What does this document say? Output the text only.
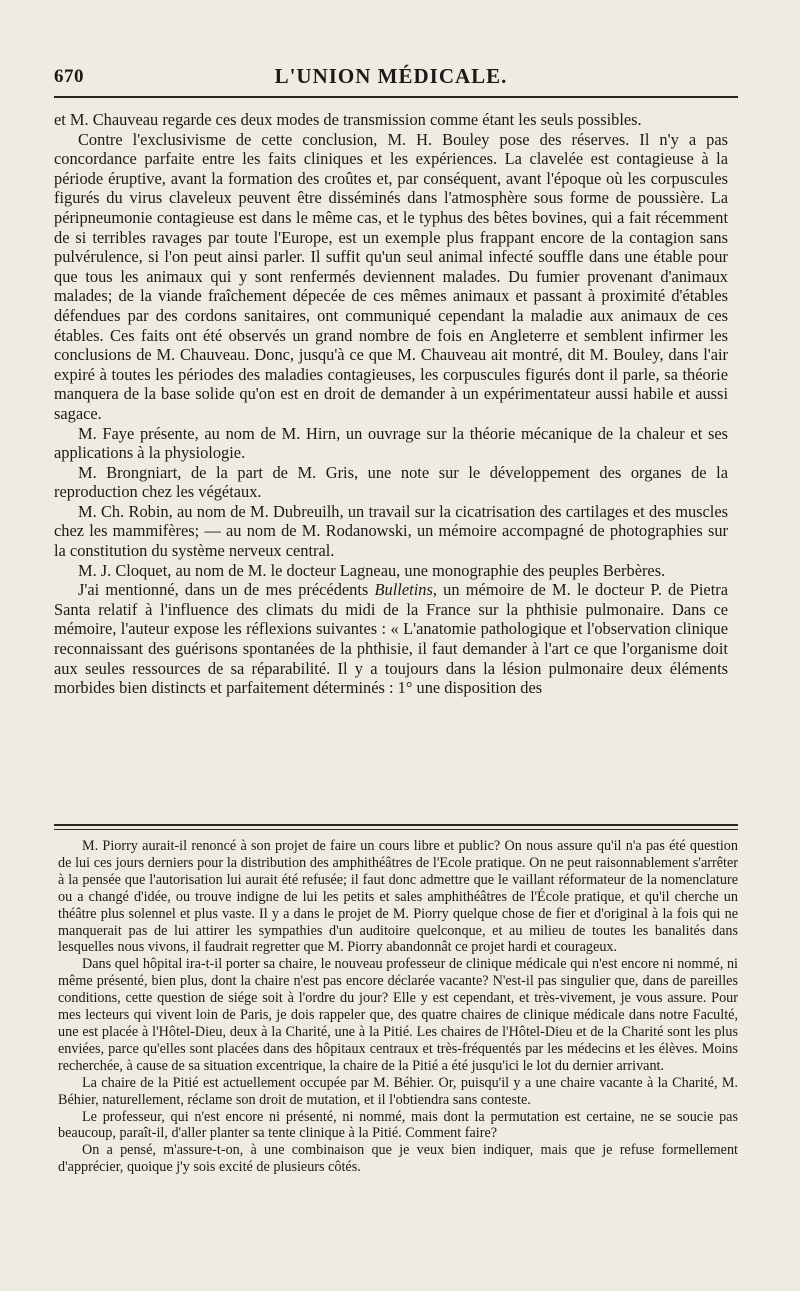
670	L'UNION MÉDICALE.

et M. Chauveau regarde ces deux modes de transmission comme étant les seuls possibles.

Contre l'exclusivisme de cette conclusion, M. H. Bouley pose des réserves. Il n'y a pas concordance parfaite entre les faits cliniques et les expériences. La clavelée est contagieuse à la période éruptive, avant la formation des croûtes et, par conséquent, avant l'époque où les corpuscules figurés du virus claveleux peuvent être disséminés dans l'atmosphère sous forme de poussière. La péripneumonie contagieuse est dans le même cas, et le typhus des bêtes bovines, qui a fait récemment de si terribles ravages par toute l'Europe, est un exemple plus frappant encore de la contagion sans pulvérulence, si l'on peut ainsi parler. Il suffit qu'un seul animal infecté souffle dans une étable pour que tous les animaux qui y sont renfermés deviennent malades. Du fumier provenant d'animaux malades; de la viande fraîchement dépecée de ces mêmes animaux et passant à proximité d'étables défendues par des cordons sanitaires, ont communiqué cependant la maladie aux animaux de ces étables. Ces faits ont été observés un grand nombre de fois en Angleterre et semblent infirmer les conclusions de M. Chauveau. Donc, jusqu'à ce que M. Chauveau ait montré, dit M. Bouley, dans l'air expiré à toutes les périodes des maladies contagieuses, les corpuscules figurés dont il parle, sa théorie manquera de la base solide qu'on est en droit de demander à un expérimentateur aussi habile et aussi sagace.

M. Faye présente, au nom de M. Hirn, un ouvrage sur la théorie mécanique de la chaleur et ses applications à la physiologie.

M. Brongniart, de la part de M. Gris, une note sur le développement des organes de la reproduction chez les végétaux.

M. Ch. Robin, au nom de M. Dubreuilh, un travail sur la cicatrisation des cartilages et des muscles chez les mammifères; — au nom de M. Rodanowski, un mémoire accompagné de photographies sur la constitution du système nerveux central.

M. J. Cloquet, au nom de M. le docteur Lagneau, une monographie des peuples Berbères.

J'ai mentionné, dans un de mes précédents Bulletins, un mémoire de M. le docteur P. de Pietra Santa relatif à l'influence des climats du midi de la France sur la phthisie pulmonaire. Dans ce mémoire, l'auteur expose les réflexions suivantes : « L'anatomie pathologique et l'observation clinique reconnaissant des guérisons spontanées de la phthisie, il faut demander à l'art ce que l'organisme doit aux seules ressources de sa réparabilité. Il y a toujours dans la lésion pulmonaire deux éléments morbides bien distincts et parfaitement déterminés : 1° une disposition des

M. Piorry aurait-il renoncé à son projet de faire un cours libre et public? On nous assure qu'il n'a pas été question de lui ces jours derniers pour la distribution des amphithéâtres de l'Ecole pratique. On ne peut raisonnablement s'arrêter à la pensée que l'autorisation lui aurait été refusée; il faut donc admettre que le vaillant réformateur de la nomenclature ou a changé d'idée, ou trouve indigne de lui les petits et sales amphithéâtres de l'École pratique, et qu'il cherche un théâtre plus solennel et plus vaste. Il y a dans le projet de M. Piorry quelque chose de fier et d'original à la fois qui ne manquerait pas de lui attirer les sympathies d'un auditoire quelconque, et au milieu de toutes les banalités dans lesquelles nous vivons, il faudrait regretter que M. Piorry abandonnât ce projet hardi et courageux.

Dans quel hôpital ira-t-il porter sa chaire, le nouveau professeur de clinique médicale qui n'est encore ni nommé, ni même présenté, bien plus, dont la chaire n'est pas encore déclarée vacante? N'est-il pas singulier que, dans de pareilles conditions, cette question de siége soit à l'ordre du jour? Elle y est cependant, et très-vivement, je vous assure. Pour mes lecteurs qui vivent loin de Paris, je dois rappeler que, des quatre chaires de clinique médicale dans notre Faculté, une est placée à l'Hôtel-Dieu, deux à la Charité, une à la Pitié. Les chaires de l'Hôtel-Dieu et de la Charité sont les plus enviées, parce qu'elles sont placées dans des hôpitaux centraux et très-fréquentés par les médecins et les élèves. Moins recherchée, à cause de sa situation excentrique, la chaire de la Pitié a été jusqu'ici le lot du dernier arrivant.

La chaire de la Pitié est actuellement occupée par M. Béhier. Or, puisqu'il y a une chaire vacante à la Charité, M. Béhier, naturellement, réclame son droit de mutation, et il l'obtiendra sans conteste.

Le professeur, qui n'est encore ni présenté, ni nommé, mais dont la permutation est certaine, ne se soucie pas beaucoup, paraît-il, d'aller planter sa tente clinique à la Pitié. Comment faire?

On a pensé, m'assure-t-on, à une combinaison que je veux bien indiquer, mais que je refuse formellement d'apprécier, quoique j'y sois excité de plusieurs côtés.
